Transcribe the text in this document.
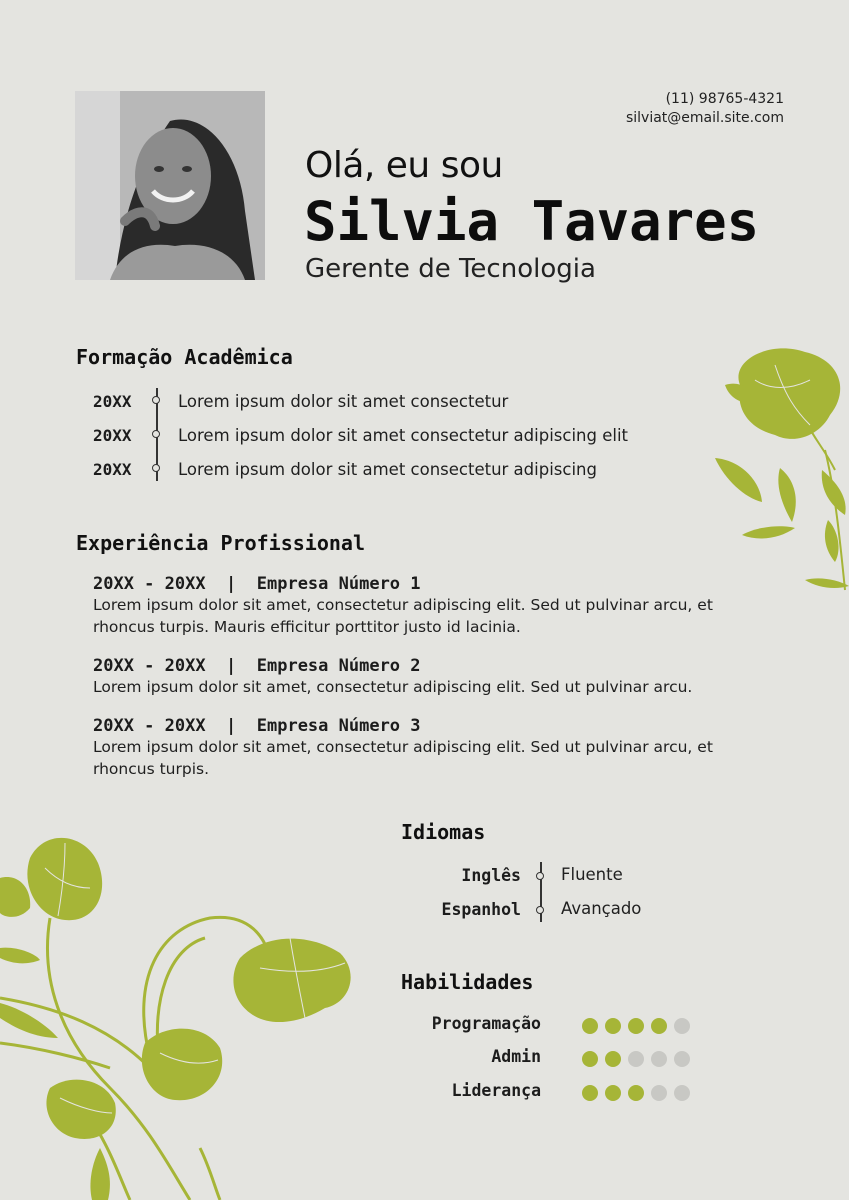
(11) 98765-4321
silviat@email.site.com
Olá, eu sou
Silvia Tavares
Gerente de Tecnologia
Formação Acadêmica
20XX	Lorem ipsum dolor sit amet consectetur
20XX	Lorem ipsum dolor sit amet consectetur adipiscing elit
20XX	Lorem ipsum dolor sit amet consectetur adipiscing
Experiência Profissional
20XX - 20XX  |  Empresa Número 1
Lorem ipsum dolor sit amet, consectetur adipiscing elit. Sed ut pulvinar arcu, et rhoncus turpis. Mauris efficitur porttitor justo id lacinia.
20XX - 20XX  |  Empresa Número 2
Lorem ipsum dolor sit amet, consectetur adipiscing elit. Sed ut pulvinar arcu.
20XX - 20XX  |  Empresa Número 3
Lorem ipsum dolor sit amet, consectetur adipiscing elit. Sed ut pulvinar arcu, et rhoncus turpis.
Idiomas
Inglês Fluente
Espanhol Avançado
Habilidades
Programação
Admin
Liderança
